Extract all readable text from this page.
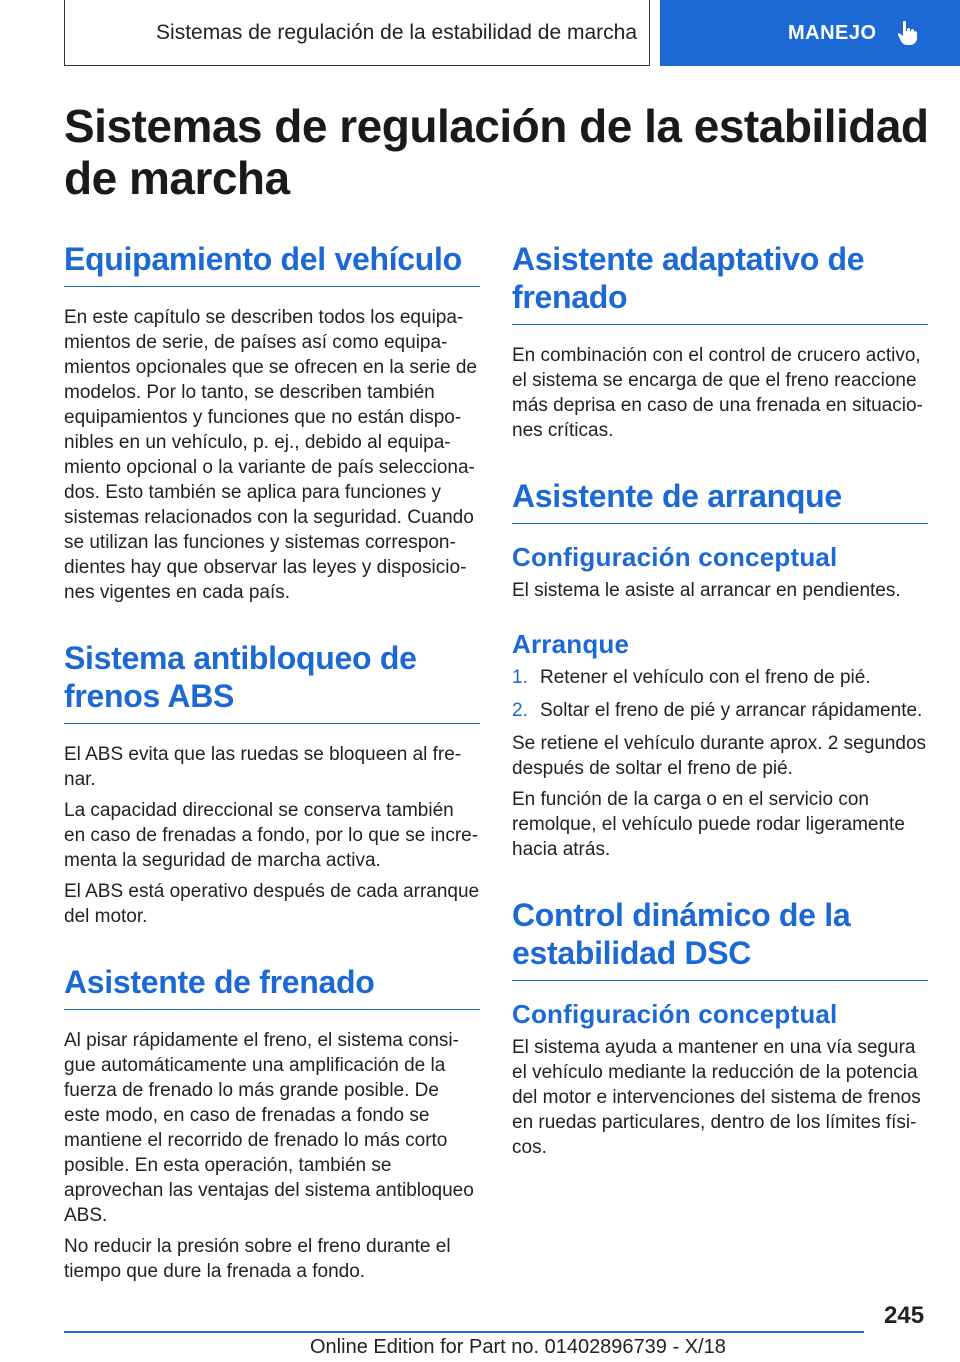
Sistemas de regulación de la estabilidad de marcha	MANEJO
Sistemas de regulación de la estabilidad de marcha
Equipamiento del vehículo

En este capítulo se describen todos los equipamientos de serie, de países así como equipamientos opcionales que se ofrecen en la serie de modelos. Por lo tanto, se describen también equipamientos y funciones que no están disponibles en un vehículo, p. ej., debido al equipamiento opcional o la variante de país seleccionados. Esto también se aplica para funciones y sistemas relacionados con la seguridad. Cuando se utilizan las funciones y sistemas correspondientes hay que observar las leyes y disposiciones vigentes en cada país.

Sistema antibloqueo de frenos ABS

El ABS evita que las ruedas se bloqueen al frenar.

La capacidad direccional se conserva también en caso de frenadas a fondo, por lo que se incrementa la seguridad de marcha activa.

El ABS está operativo después de cada arranque del motor.

Asistente de frenado

Al pisar rápidamente el freno, el sistema consigue automáticamente una amplificación de la fuerza de frenado lo más grande posible. De este modo, en caso de frenadas a fondo se mantiene el recorrido de frenado lo más corto posible. En esta operación, también se aprovechan las ventajas del sistema antibloqueo ABS.

No reducir la presión sobre el freno durante el tiempo que dure la frenada a fondo.

Asistente adaptativo de frenado

En combinación con el control de crucero activo, el sistema se encarga de que el freno reaccione más deprisa en caso de una frenada en situaciones críticas.

Asistente de arranque
Configuración conceptual

El sistema le asiste al arrancar en pendientes.

Arranque
1. Retener el vehículo con el freno de pié.
2. Soltar el freno de pié y arrancar rápidamente.

Se retiene el vehículo durante aprox. 2 segundos después de soltar el freno de pié.

En función de la carga o en el servicio con remolque, el vehículo puede rodar ligeramente hacia atrás.

Control dinámico de la estabilidad DSC
Configuración conceptual

El sistema ayuda a mantener en una vía segura el vehículo mediante la reducción de la potencia del motor e intervenciones del sistema de frenos en ruedas particulares, dentro de los límites físicos.

245
Online Edition for Part no. 01402896739 - X/18
